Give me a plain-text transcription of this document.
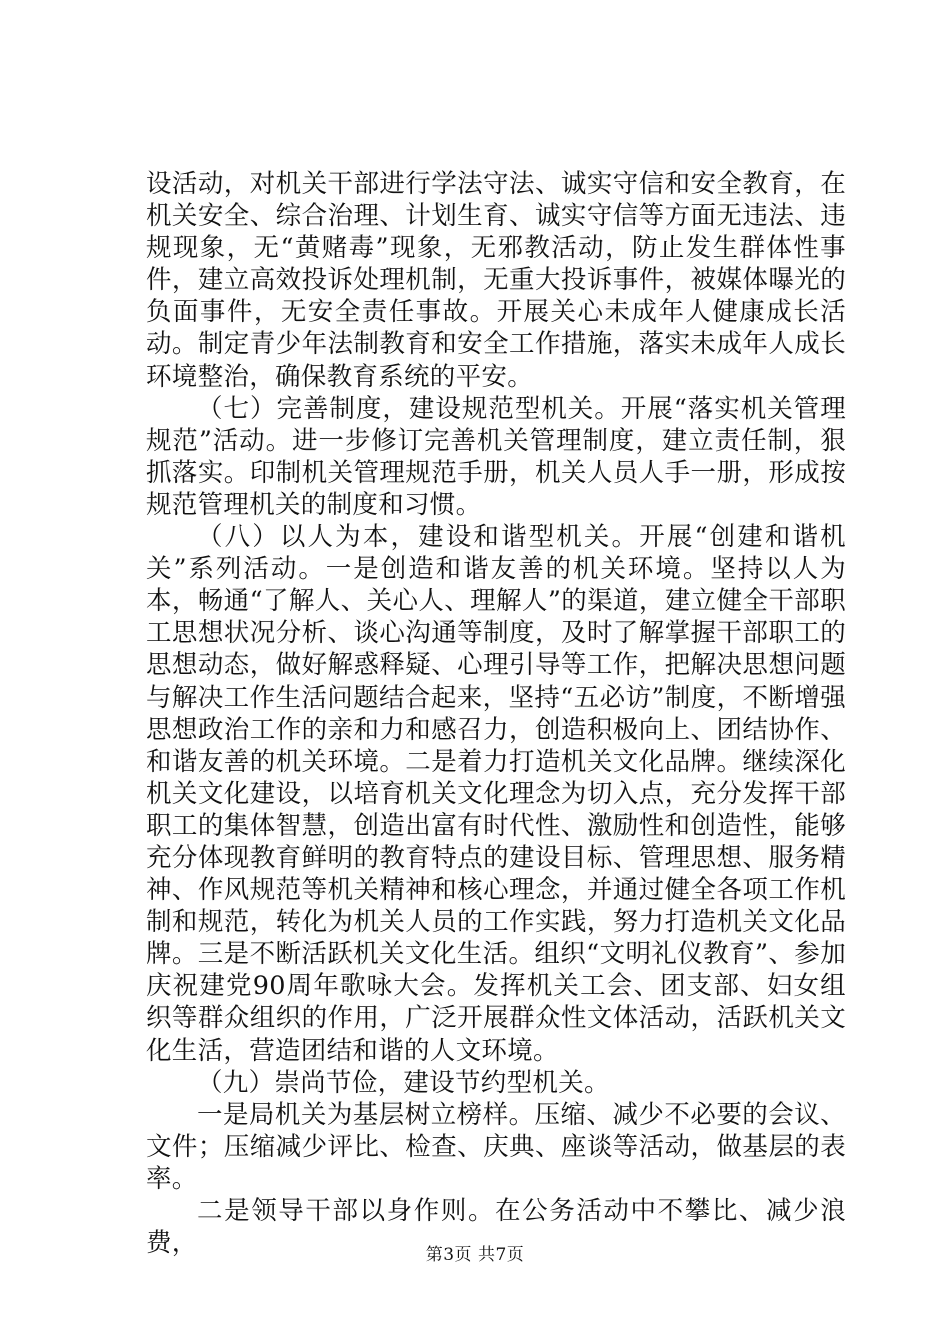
设活动，对机关干部进行学法守法、诚实守信和安全教育，在机关安全、综合治理、计划生育、诚实守信等方面无违法、违规现象，无“黄赌毒”现象，无邪教活动，防止发生群体性事件，建立高效投诉处理机制，无重大投诉事件，被媒体曝光的负面事件，无安全责任事故。开展关心未成年人健康成长活动。制定青少年法制教育和安全工作措施，落实未成年人成长环境整治，确保教育系统的平安。

（七）完善制度，建设规范型机关。开展“落实机关管理规范”活动。进一步修订完善机关管理制度，建立责任制，狠抓落实。印制机关管理规范手册，机关人员人手一册，形成按规范管理机关的制度和习惯。

（八）以人为本，建设和谐型机关。开展“创建和谐机关”系列活动。一是创造和谐友善的机关环境。坚持以人为本，畅通“了解人、关心人、理解人”的渠道，建立健全干部职工思想状况分析、谈心沟通等制度，及时了解掌握干部职工的思想动态，做好解惑释疑、心理引导等工作，把解决思想问题与解决工作生活问题结合起来，坚持“五必访”制度，不断增强思想政治工作的亲和力和感召力，创造积极向上、团结协作、和谐友善的机关环境。二是着力打造机关文化品牌。继续深化机关文化建设，以培育机关文化理念为切入点，充分发挥干部职工的集体智慧，创造出富有时代性、激励性和创造性，能够充分体现教育鲜明的教育特点的建设目标、管理思想、服务精神、作风规范等机关精神和核心理念，并通过健全各项工作机制和规范，转化为机关人员的工作实践，努力打造机关文化品牌。三是不断活跃机关文化生活。组织“文明礼仪教育”、参加庆祝建党90周年歌咏大会。发挥机关工会、团支部、妇女组织等群众组织的作用，广泛开展群众性文体活动，活跃机关文化生活，营造团结和谐的人文环境。

（九）崇尚节俭，建设节约型机关。

一是局机关为基层树立榜样。压缩、减少不必要的会议、文件；压缩减少评比、检查、庆典、座谈等活动，做基层的表率。

二是领导干部以身作则。在公务活动中不攀比、减少浪费，	第3页 共7页
